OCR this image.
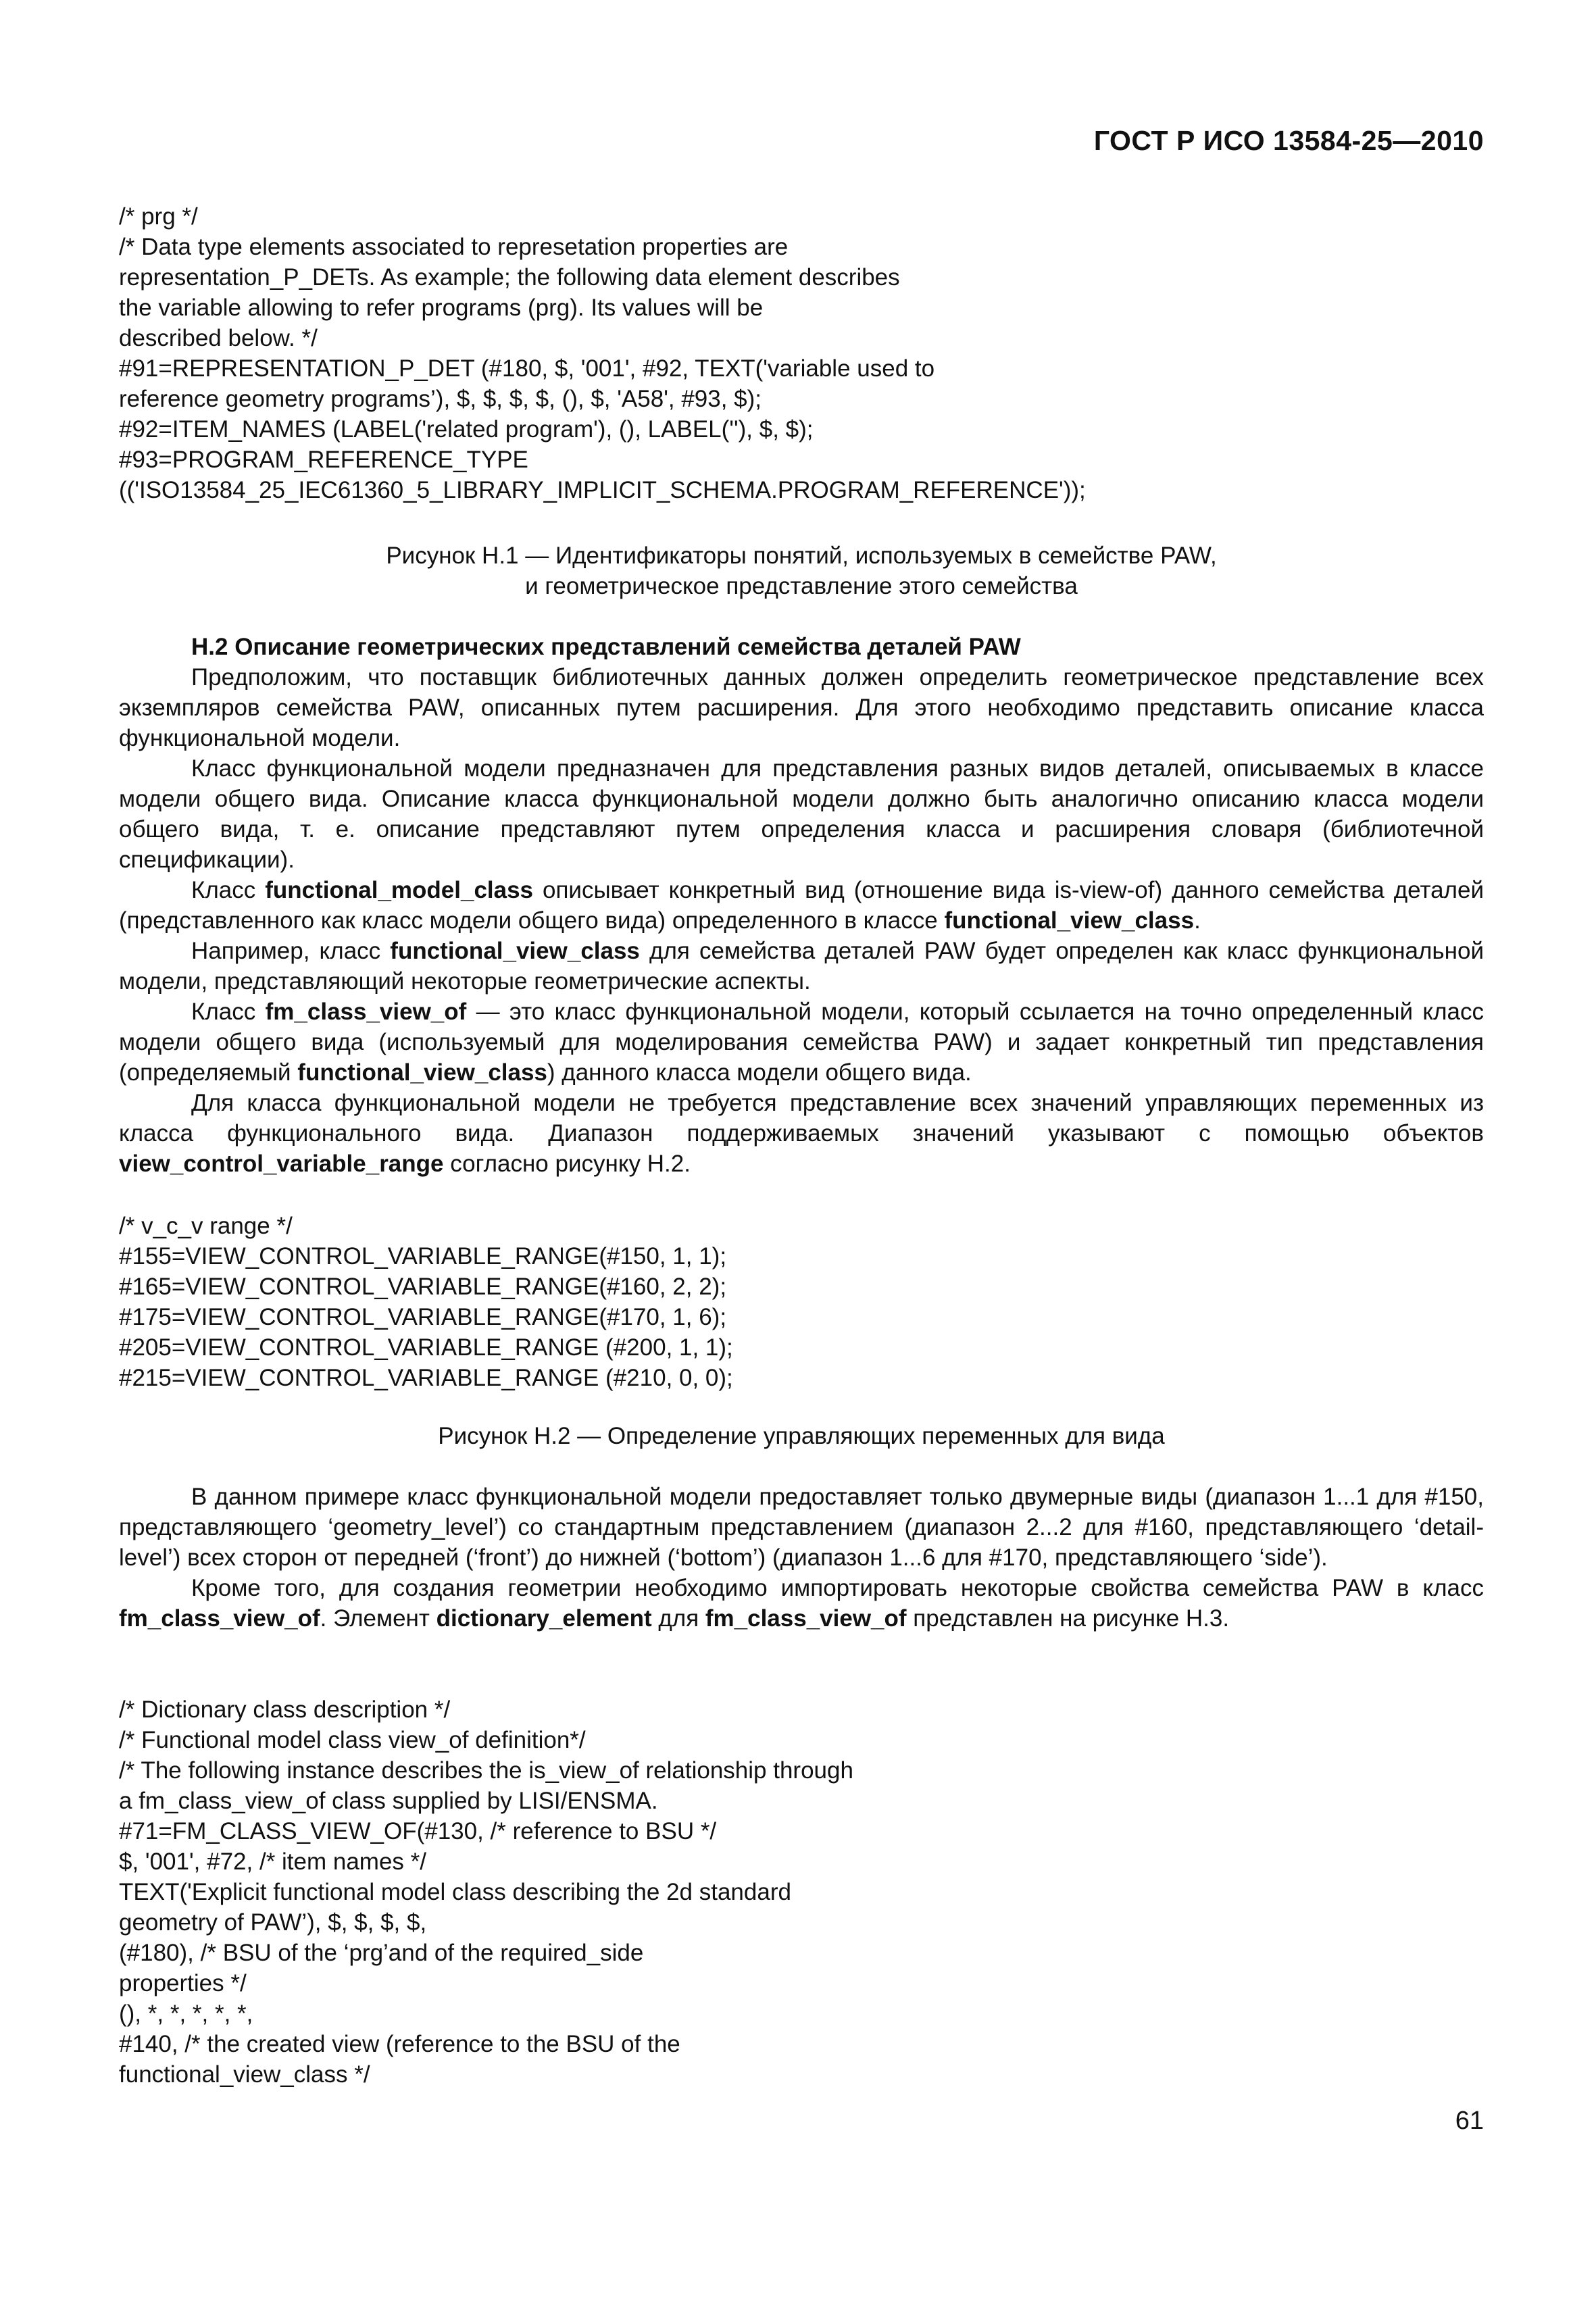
ГОСТ Р ИСО 13584-25—2010
/* prg */
/* Data type elements associated to represetation properties are
representation_P_DETs. As example; the following data element describes
the variable allowing to refer programs (prg). Its values will be
described below. */
#91=REPRESENTATION_P_DET (#180, $, '001', #92, TEXT('variable used to
reference geometry programs’), $, $, $, $, (), $, 'A58', #93, $);
#92=ITEM_NAMES (LABEL('related program'), (), LABEL(''), $, $);
#93=PROGRAM_REFERENCE_TYPE
(('ISO13584_25_IEC61360_5_LIBRARY_IMPLICIT_SCHEMA.PROGRAM_REFERENCE'));
Рисунок Н.1 — Идентификаторы понятий, используемых в семействе PAW,
и геометрическое представление этого семейства

Н.2 Описание геометрических представлений семейства деталей PAW

Предположим, что поставщик библиотечных данных должен определить геометрическое представление всех экземпляров семейства PAW, описанных путем расширения. Для этого необходимо представить описание класса функциональной модели.

Класс функциональной модели предназначен для представления разных видов деталей, описываемых в классе модели общего вида. Описание класса функциональной модели должно быть аналогично описанию класса модели общего вида, т. е. описание представляют путем определения класса и расширения словаря (библиотечной спецификации).

Класс functional_model_class описывает конкретный вид (отношение вида is-view-of) данного семейства деталей (представленного как класс модели общего вида) определенного в классе functional_view_class.

Например, класс functional_view_class для семейства деталей PAW будет определен как класс функциональной модели, представляющий некоторые геометрические аспекты.

Класс fm_class_view_of — это класс функциональной модели, который ссылается на точно определенный класс модели общего вида (используемый для моделирования семейства PAW) и задает конкретный тип представления (определяемый functional_view_class) данного класса модели общего вида.

Для класса функциональной модели не требуется представление всех значений управляющих переменных из класса функционального вида. Диапазон поддерживаемых значений указывают с помощью объектов view_control_variable_range согласно рисунку Н.2.

/* v_c_v range */
#155=VIEW_CONTROL_VARIABLE_RANGE(#150, 1, 1);
#165=VIEW_CONTROL_VARIABLE_RANGE(#160, 2, 2);
#175=VIEW_CONTROL_VARIABLE_RANGE(#170, 1, 6);
#205=VIEW_CONTROL_VARIABLE_RANGE (#200, 1, 1);
#215=VIEW_CONTROL_VARIABLE_RANGE (#210, 0, 0);
Рисунок Н.2 — Определение управляющих переменных для вида

В данном примере класс функциональной модели предоставляет только двумерные виды (диапазон 1...1 для #150, представляющего ‘geometry_level’) со стандартным представлением (диапазон 2...2 для #160, представляющего ‘detail-level’) всех сторон от передней (‘front’) до нижней (‘bottom’) (диапазон 1...6 для #170, представляющего ‘side’).

Кроме того, для создания геометрии необходимо импортировать некоторые свойства семейства PAW в класс fm_class_view_of. Элемент dictionary_element для fm_class_view_of представлен на рисунке Н.3.

/* Dictionary class description */
/* Functional model class view_of definition*/
/* The following instance describes the is_view_of relationship through
a fm_class_view_of class supplied by LISI/ENSMA.
#71=FM_CLASS_VIEW_OF(#130, /* reference to BSU */
$, '001', #72, /* item names */
TEXT('Explicit functional model class describing the 2d standard
geometry of PAW’), $, $, $, $,
(#180), /* BSU of the ‘prg’and of the required_side
properties */
(), *, *, *, *, *,
#140, /* the created view (reference to the BSU of the
functional_view_class */
61
